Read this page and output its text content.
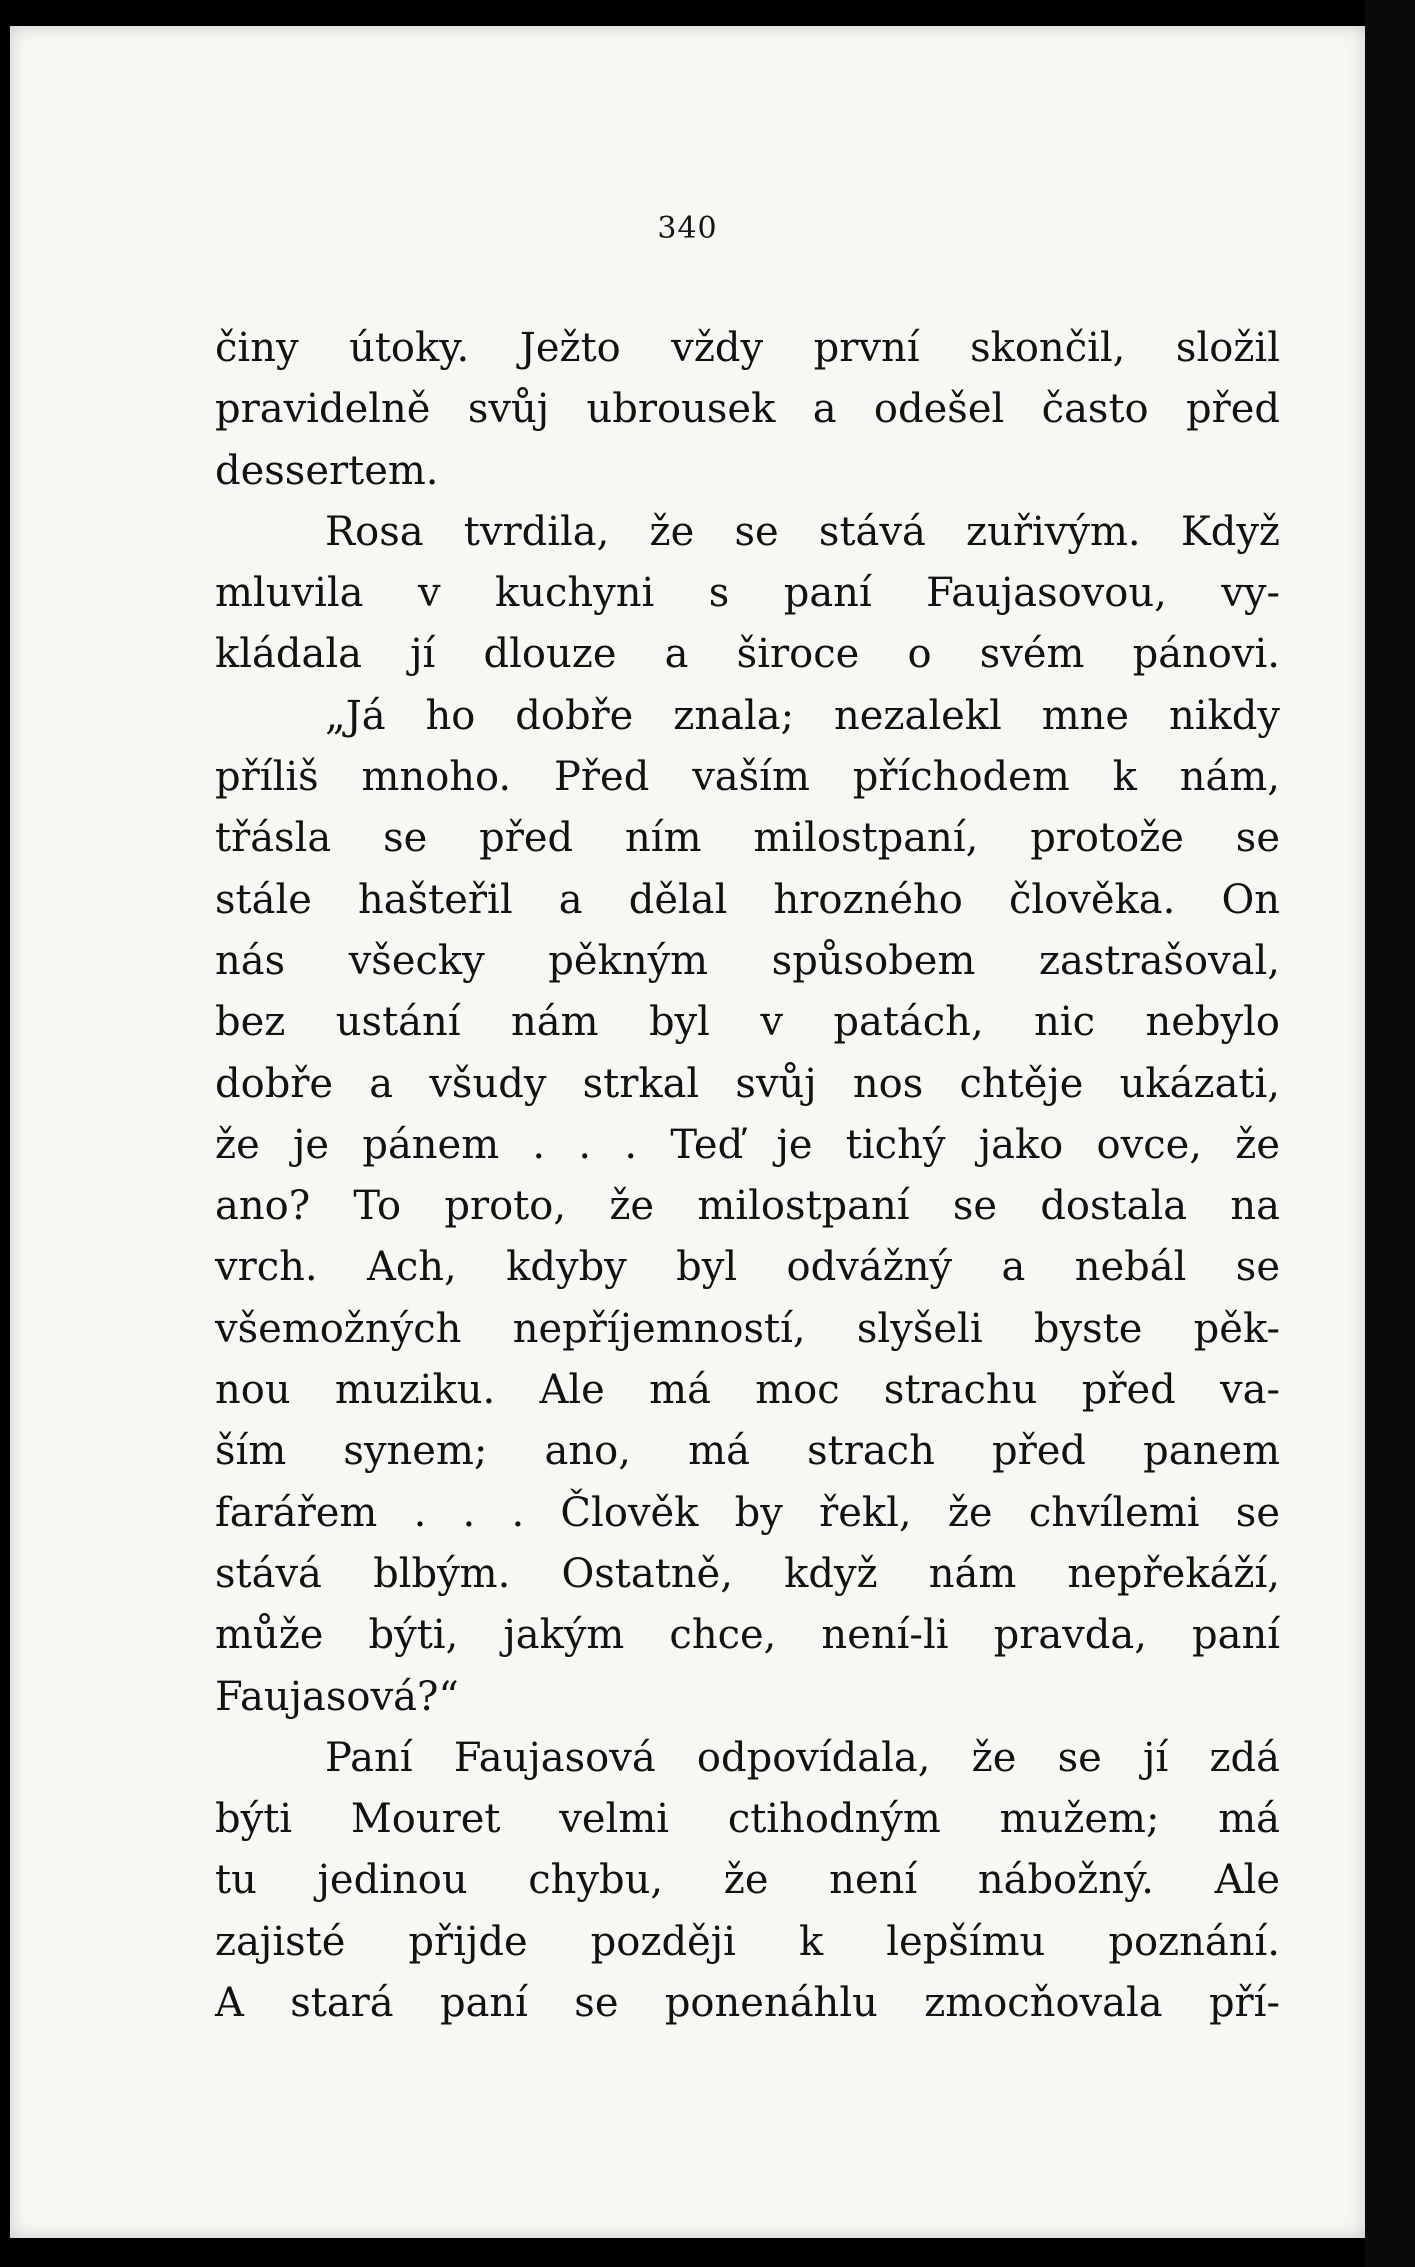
340
činy útoky. Ježto vždy první skončil, složil
pravidelně svůj ubrousek a odešel často před
dessertem.
Rosa tvrdila, že se stává zuřivým. Když
mluvila v kuchyni s paní Faujasovou, vy-
kládala jí dlouze a široce o svém pánovi.
„Já ho dobře znala; nezalekl mne nikdy
příliš mnoho. Před vaším příchodem k nám,
třásla se před ním milostpaní, protože se
stále hašteřil a dělal hrozného člověka. On
nás všecky pěkným spůsobem zastrašoval,
bez ustání nám byl v patách, nic nebylo
dobře a všudy strkal svůj nos chtěje ukázati,
že je pánem . . . Teď je tichý jako ovce, že
ano? To proto, že milostpaní se dostala na
vrch. Ach, kdyby byl odvážný a nebál se
všemožných nepříjemností, slyšeli byste pěk-
nou muziku. Ale má moc strachu před va-
ším synem; ano, má strach před panem
farářem . . . Člověk by řekl, že chvílemi se
stává blbým. Ostatně, když nám nepřekáží,
může býti, jakým chce, není-li pravda, paní
Faujasová?“
Paní Faujasová odpovídala, že se jí zdá
býti Mouret velmi ctihodným mužem; má
tu jedinou chybu, že není nábožný. Ale
zajisté přijde později k lepšímu poznání.
A stará paní se ponenáhlu zmocňovala pří-
